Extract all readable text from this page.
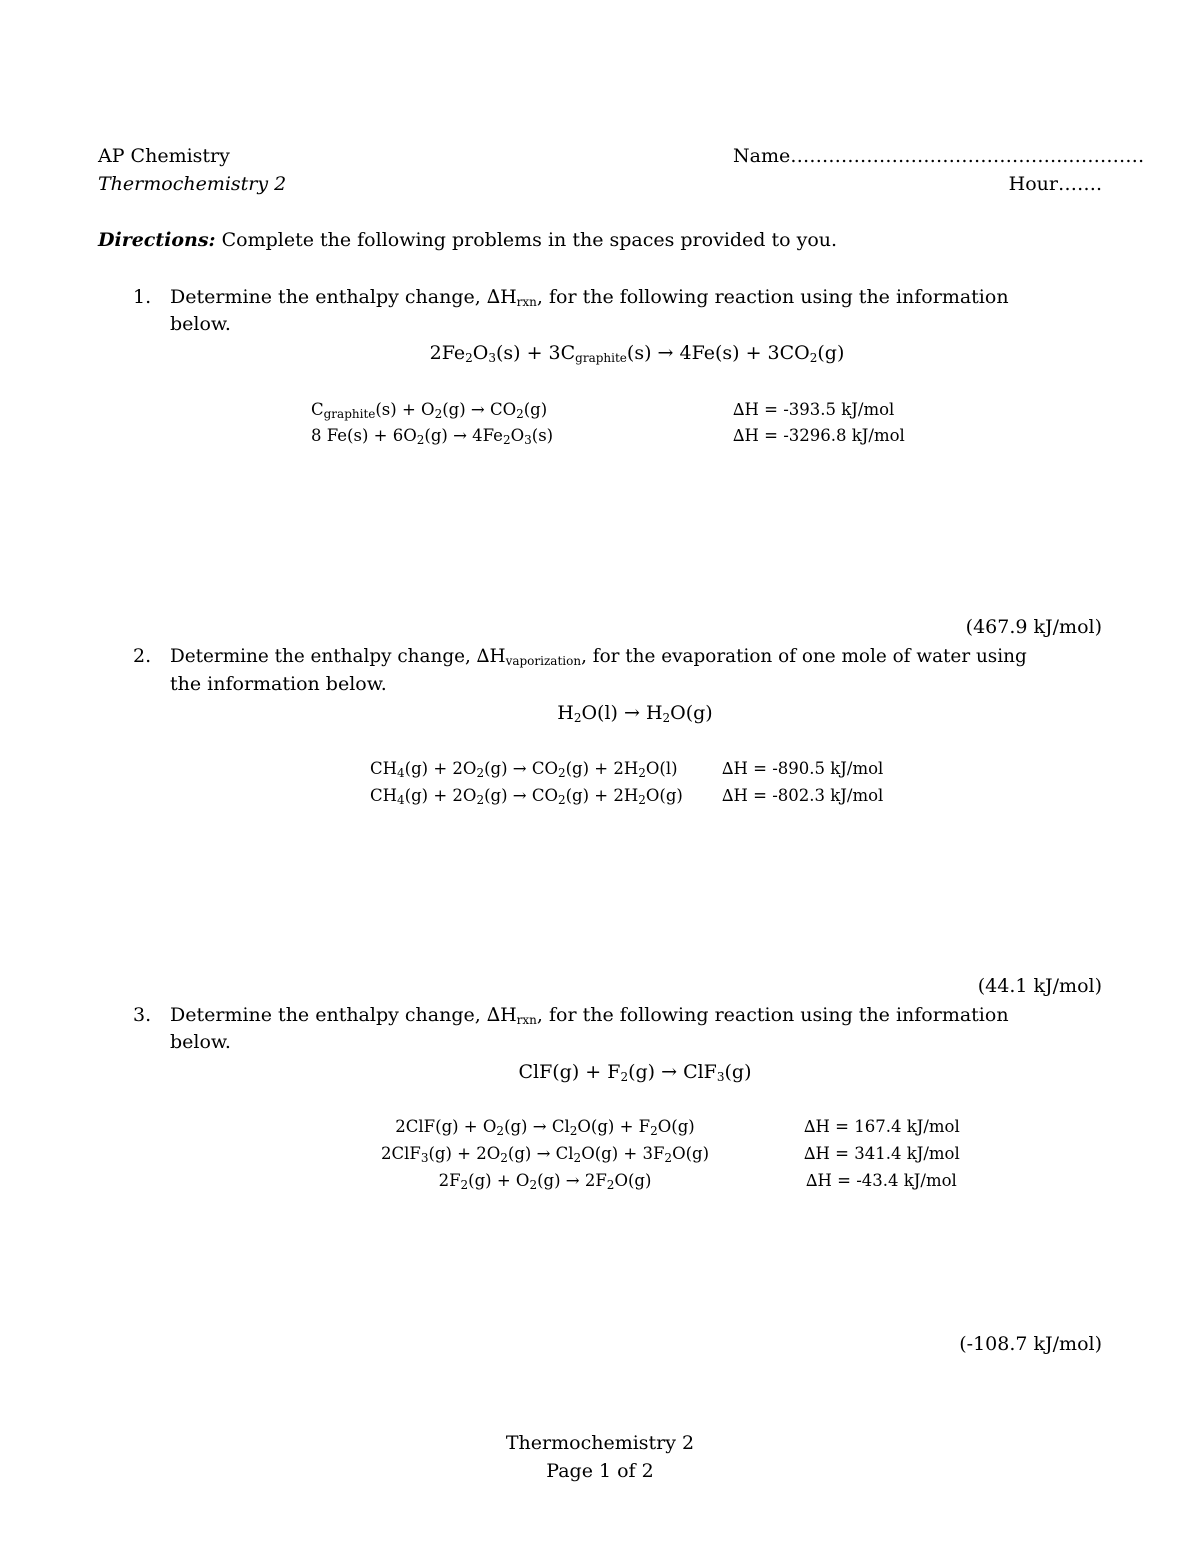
AP Chemistry
Thermochemistry 2
Name……………………………………..…………
Hour…….
Directions: Complete the following problems in the spaces provided to you.
1. Determine the enthalpy change, $\Delta H_{rxn}$, for the following reaction using the information
below.
$2Fe_2O_3(s) + 3C_{graphite}(s) \to 4Fe(s) + 3CO_2(g)$
$C_{graphite}(s) + O_2(g) \to CO_2(g)$	∆H = -393.5 kJ/mol
8 $Fe(s) + 6O_2(g) \to 4Fe_2O_3(s)$	∆H = -3296.8 kJ/mol
(467.9 kJ/mol)
2. Determine the enthalpy change, $\Delta H_{vaporization}$, for the evaporation of one mole of water using
the information below.
$H_2O(l) \to H_2O(g)$
$CH_4(g) + 2O_2(g) \to CO_2(g) + 2H_2O(l)$	∆H = -890.5 kJ/mol
$CH_4(g) + 2O_2(g) \to CO_2(g) + 2H_2O(g) \Delta H = -802.3$ kJ/mol
(44.1 kJ/mol)
3. Determine the enthalpy change, $\Delta H_{rxn}$, for the following reaction using the information
below.
$ClF(g) + F_2(g) \to ClF_3(g)$
$2ClF(g) + O_2(g) \to Cl_2O(g) + F_2O(g)$	∆H = 167.4 kJ/mol
$2ClF_3(g) + 2O_2(g) \to Cl_2O(g) + 3F_2O(g)$	∆H = 341.4 kJ/mol
$2F_2(g) + O_2(g) \to 2F_2O(g)$	∆H = -43.4 kJ/mol
(-108.7 kJ/mol)
Thermochemistry 2
Page 1 of 2
